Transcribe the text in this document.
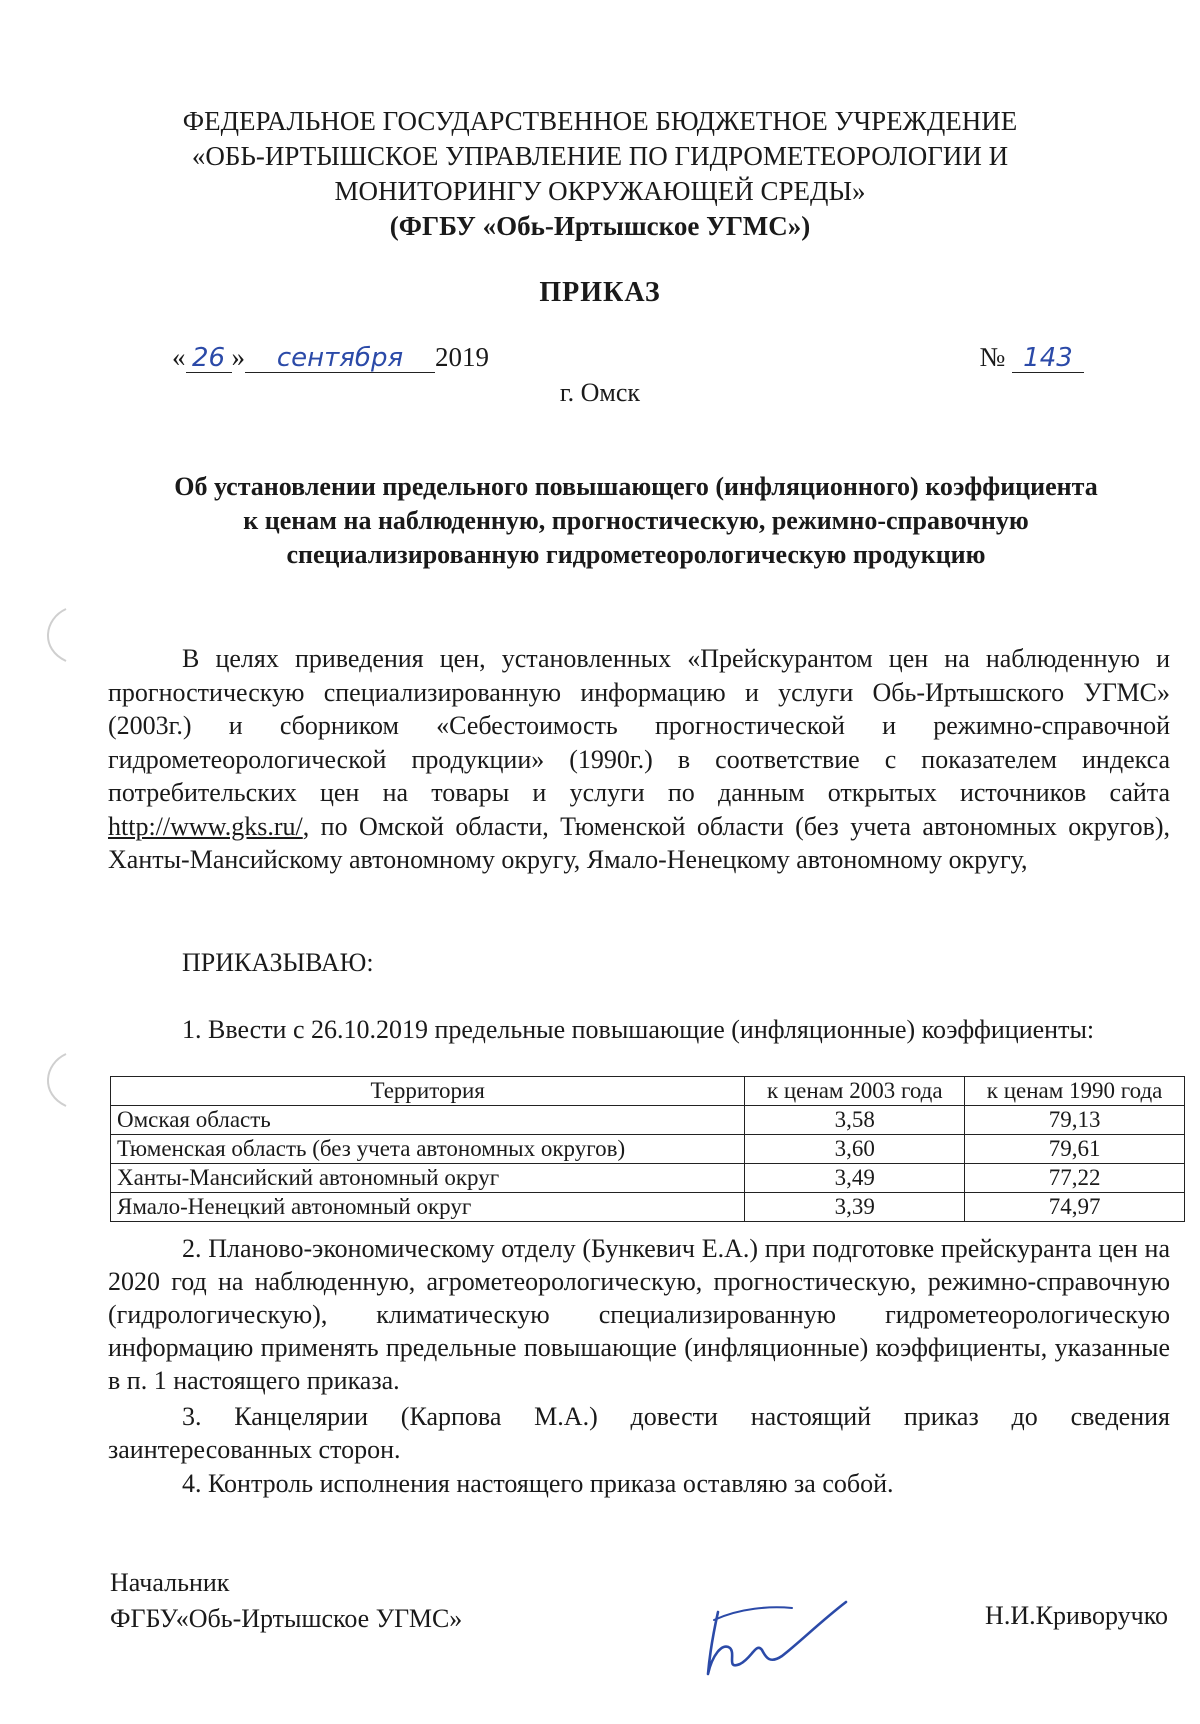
ФЕДЕРАЛЬНОЕ ГОСУДАРСТВЕННОЕ БЮДЖЕТНОЕ УЧРЕЖДЕНИЕ
«ОБЬ-ИРТЫШСКОЕ УПРАВЛЕНИЕ ПО ГИДРОМЕТЕОРОЛОГИИ И
МОНИТОРИНГУ ОКРУЖАЮЩЕЙ СРЕДЫ»
(ФГБУ «Обь-Иртышское УГМС»)
ПРИКАЗ
« 26 » сентября 2019	№ 143
г. Омск
Об установлении предельного повышающего (инфляционного) коэффициента
к ценам на наблюденную, прогностическую, режимно-справочную
специализированную гидрометеорологическую продукцию
В целях приведения цен, установленных «Прейскурантом цен на наблюденную и прогностическую специализированную информацию и услуги Обь-Иртышского УГМС» (2003г.) и сборником «Себестоимость прогностической и режимно-справочной гидрометеорологической продукции» (1990г.) в соответствие с показателем индекса потребительских цен на товары и услуги по данным открытых источников сайта http://www.gks.ru/, по Омской области, Тюменской области (без учета автономных округов), Ханты-Мансийскому автономному округу, Ямало-Ненецкому автономному округу,
ПРИКАЗЫВАЮ:
1. Ввести с 26.10.2019 предельные повышающие (инфляционные) коэффициенты:
Территория	к ценам 2003 года	к ценам 1990 года
Омская область	3,58	79,13
Тюменская область (без учета автономных округов)	3,60	79,61
Ханты-Мансийский автономный округ	3,49	77,22
Ямало-Ненецкий автономный округ	3,39	74,97
2. Планово-экономическому отделу (Бункевич Е.А.) при подготовке прейскуранта цен на 2020 год на наблюденную, агрометеорологическую, прогностическую, режимно-справочную (гидрологическую), климатическую специализированную гидрометеорологическую информацию применять предельные повышающие (инфляционные) коэффициенты, указанные в п. 1 настоящего приказа.
3. Канцелярии (Карпова М.А.) довести настоящий приказ до сведения заинтересованных сторон.
4. Контроль исполнения настоящего приказа оставляю за собой.
Начальник
ФГБУ«Обь-Иртышское УГМС»	Н.И.Криворучко
